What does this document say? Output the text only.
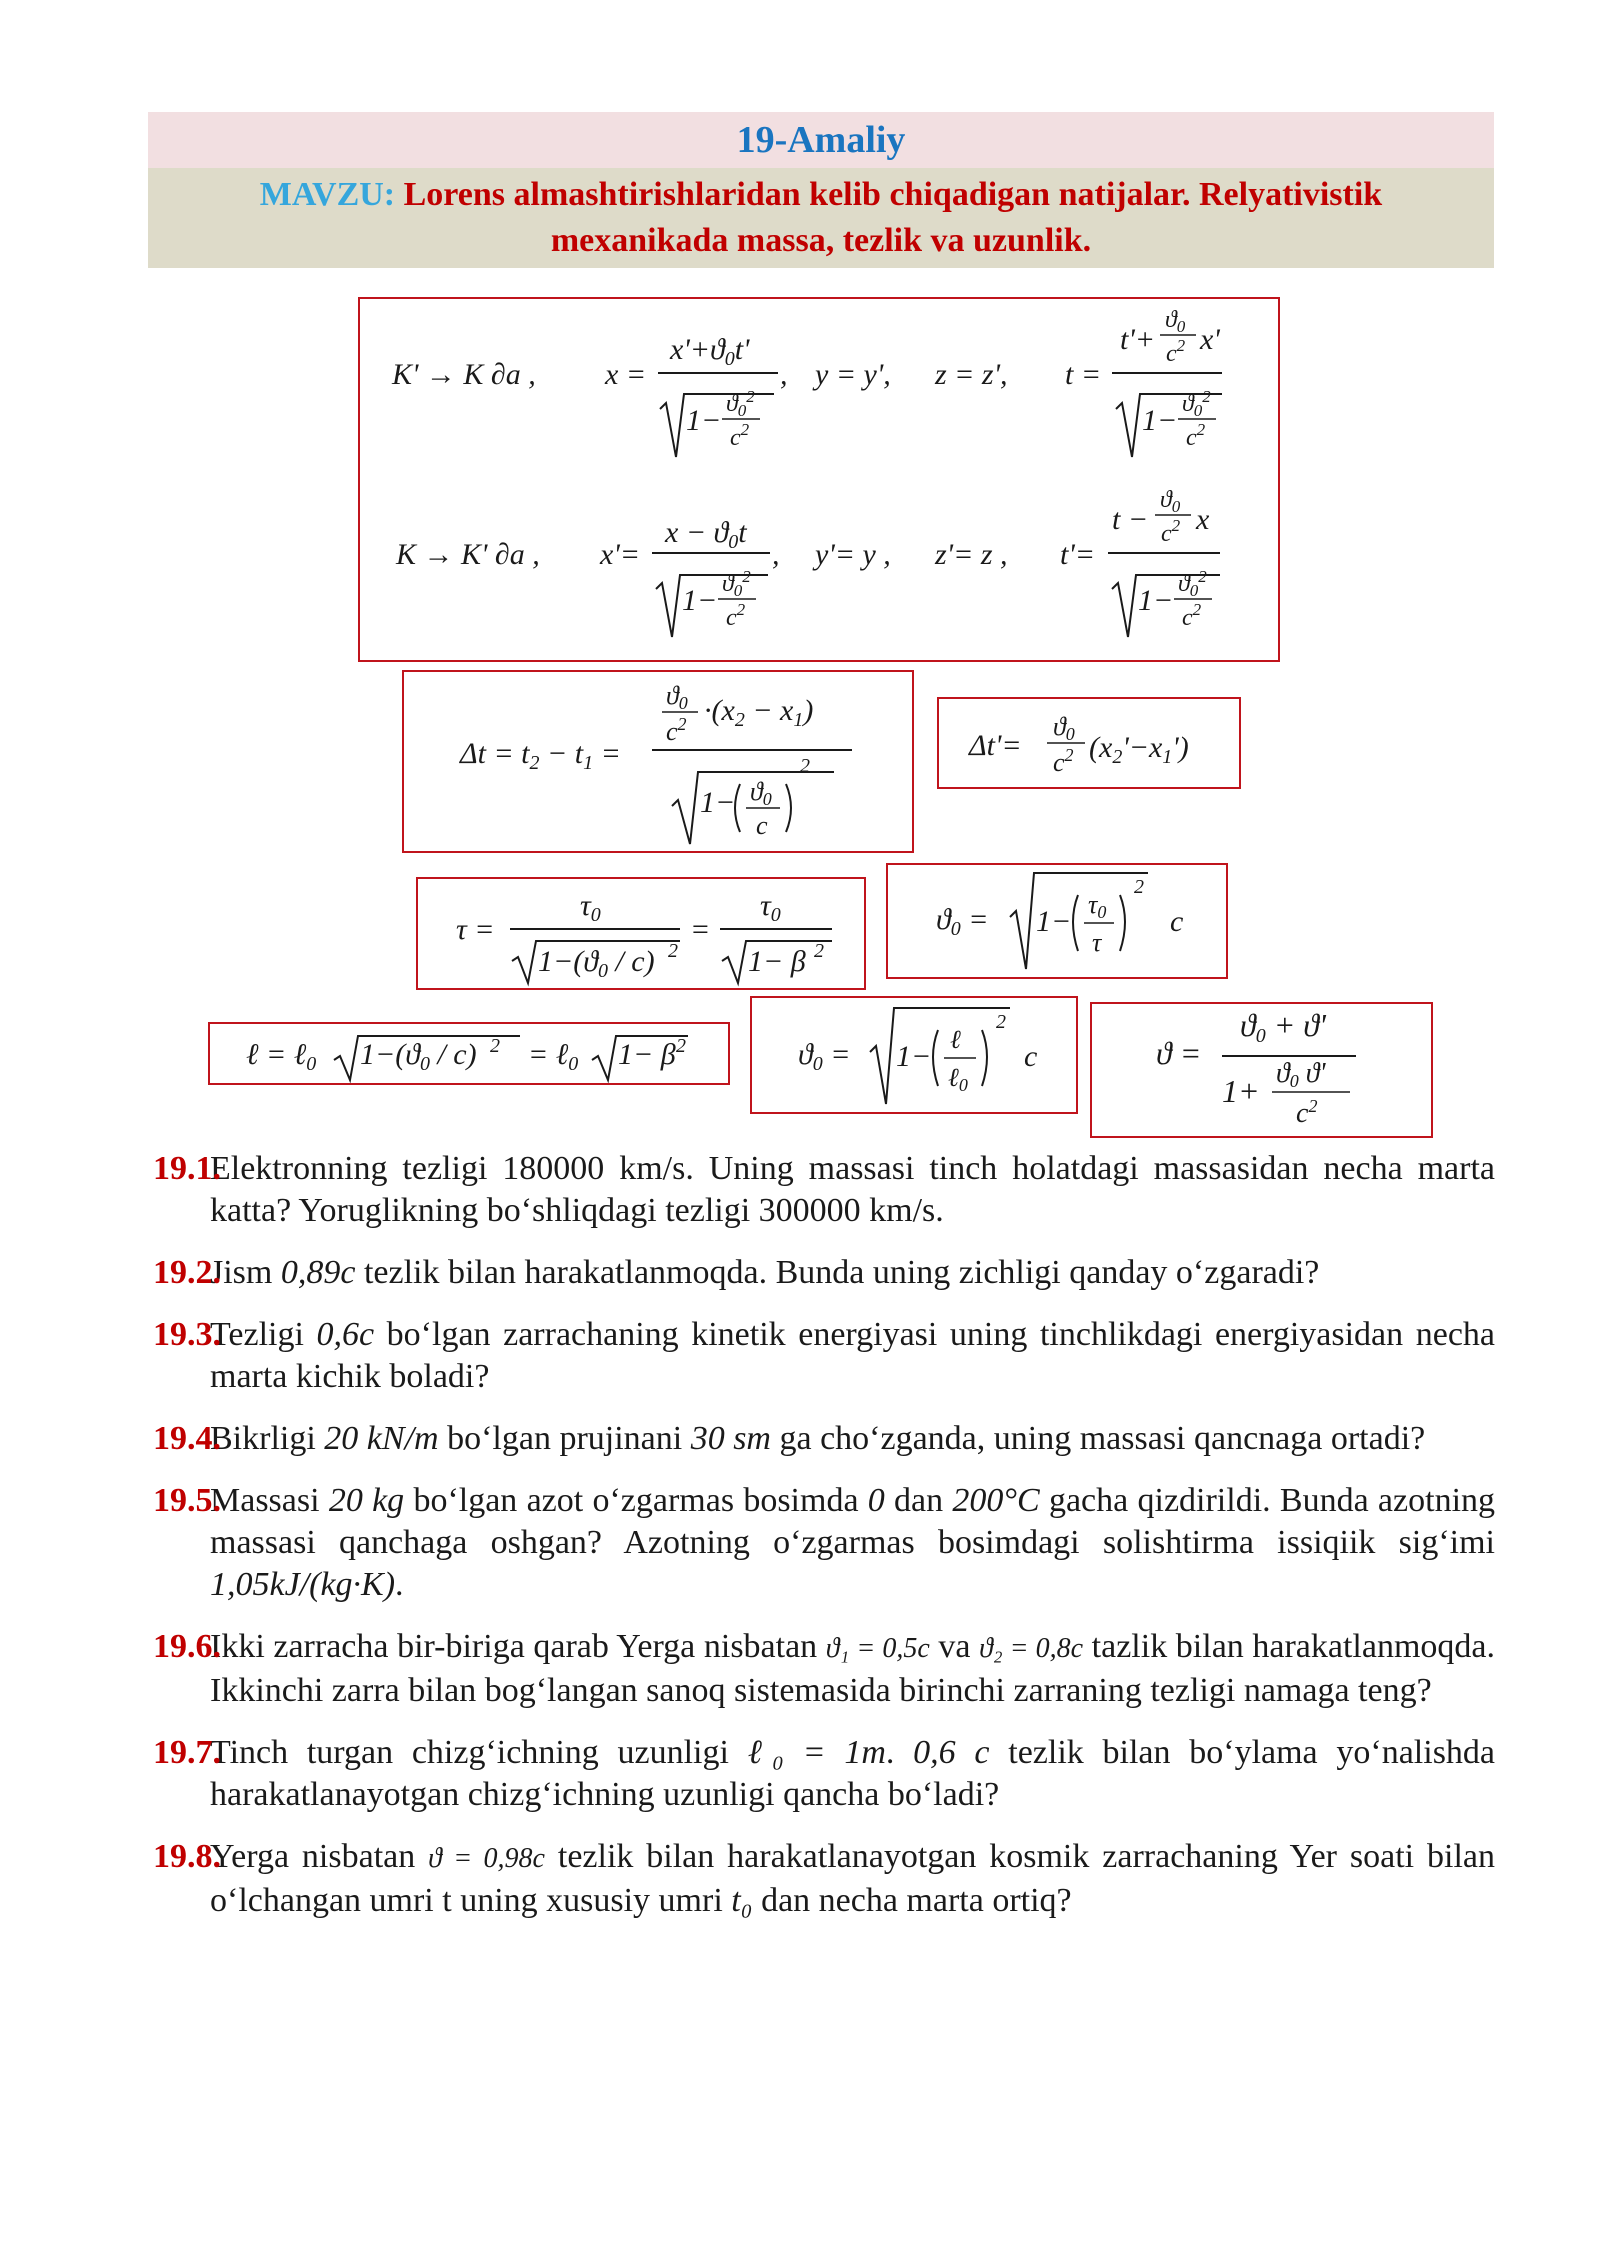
19-Amaliy
MAVZU: Lorens almashtirishlaridan kelib chiqadigan natijalar. Relyativistik
mexanikada massa, tezlik va uzunlik.
K' → K ∂a , x =
$x'+ϑ_0t'$
$1- ϑ_0^2$
$c^2$
, y = y', z = z', t =
t'+
$ϑ_0$
$c^2$ x'
$1- ϑ_0^2$
$c^2$
K → K' ∂a , x'=
$x - ϑ_0t$
$1- ϑ_0^2$
$c^2$
, y'= y , z'= z , t'=
t −
$ϑ_0$
$c^2$ x
$1- ϑ_0^2$
$c^2$
$\Delta t = t_2 - t_1$ =
ϑ0
$c^2 \cdot(x_2 - x_1)$
1− ϑ0
c
2
Δt'=
ϑ0
$c^2$ $(x_2'-x_1')$
τ =
$\tau_0$
$1-(ϑ_0 / c)$ 2
=
$\tau_0$
1− β 2
$ϑ_0 = 1-$
τ0
τ
2
c
ℓ = ℓ$_0$ $1-(ϑ_0 / c) 2$ = ℓ$_0$ 1− β 2	$ϑ_0 = 1-$
ℓ
ℓ0
2
c	ϑ =
ϑ0 + ϑ'
1+ ϑ0 ϑ'
$c^2$
19.1.
Elektronning tezligi 180000 km/s. Uning massasi tinch holatdagi massasidan necha marta katta? Yoruglikning bo‘shliqdagi tezligi 300000 km/s.
19.2.
Jism 0,89c tezlik bilan harakatlanmoqda. Bunda uning zichligi qanday o‘zgaradi?
19.3.
Tezligi 0,6c bo‘lgan zarrachaning kinetik energiyasi uning tinchlikdagi energiyasidan necha marta kichik boladi?
19.4.
Bikrligi 20 kN/m bo‘lgan prujinani 30 sm ga cho‘zganda, uning massasi qancnaga ortadi?
19.5.
Massasi 20 kg bo‘lgan azot o‘zgarmas bosimda 0 dan 200°C gacha qizdirildi. Bunda azotning massasi qanchaga oshgan? Azotning o‘zgarmas bosimdagi solishtirma issiqiik sig‘imi 1,05kJ/(kg·K).
19.6.
Ikki zarracha bir-biriga qarab Yerga nisbatan ϑ₁ = 0,5c va ϑ₂ = 0,8c tazlik bilan harakatlanmoqda. Ikkinchi zarra bilan bog‘langan sanoq sistemasida birinchi zarraning tezligi namaga teng?
19.7.
Tinch turgan chizg‘ichning uzunligi ℓ₀ = 1m. 0,6 c tezlik bilan bo‘ylama yo‘nalishda harakatlanayotgan chizg‘ichning uzunligi qancha bo‘ladi?
19.8.
Yerga nisbatan ϑ = 0,98c tezlik bilan harakatlanayotgan kosmik zarrachaning Yer soati bilan o‘lchangan umri t uning xususiy umri t₀ dan necha marta ortiq?
